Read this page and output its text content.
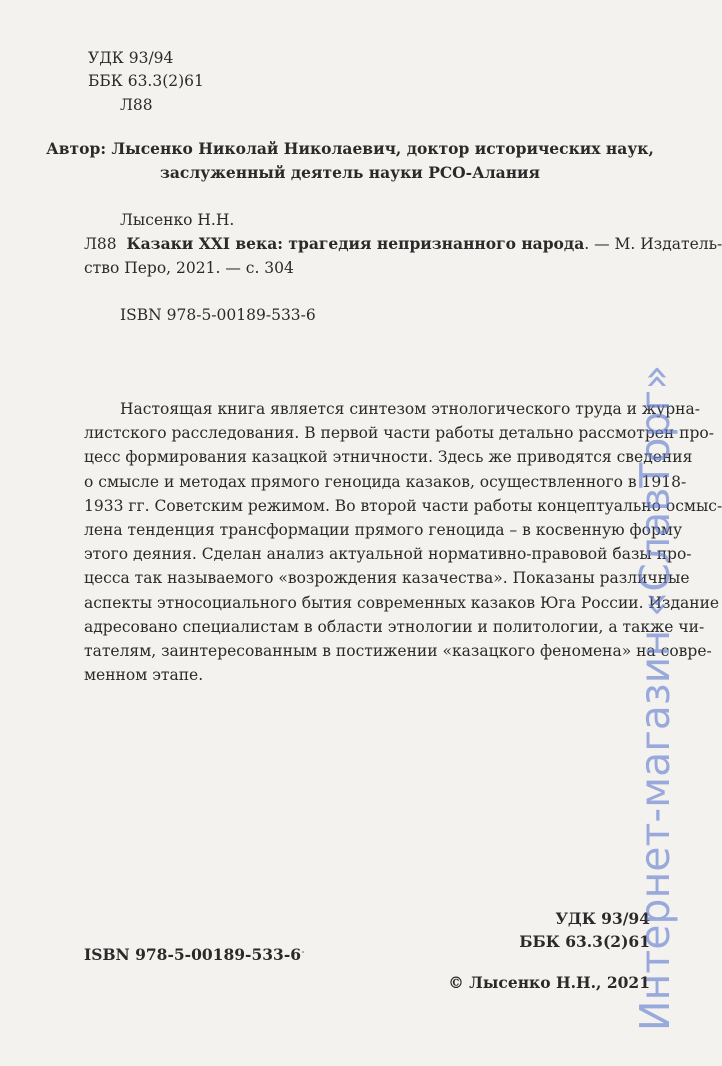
УДК 93/94
ББК 63.3(2)61
Л88
Автор: Лысенко Николай Николаевич, доктор исторических наук,
заслуженный деятель науки РСО-Алания
Лысенко Н.Н.
Л88 Казаки XXI века: трагедия непризнанного народа. — М. Издатель-
ство Перо, 2021. — с. 304
ISBN 978-5-00189-533-6
Настоящая книга является синтезом этнологического труда и журна-
листского расследования. В первой части работы детально рассмотрен про-
цесс формирования казацкой этничности. Здесь же приводятся сведения
о смысле и методах прямого геноцида казаков, осуществленного в 1918-
1933 гг. Советским режимом. Во второй части работы концептуально осмыс-
лена тенденция трансформации прямого геноцида – в косвенную форму
этого деяния. Сделан анализ актуальной нормативно-правовой базы про-
цесса так называемого «возрождения казачества». Показаны различные
аспекты этносоциального бытия современных казаков Юга России. Издание
адресовано специалистам в области этнологии и политологии, а также чи-
тателям, заинтересованным в постижении «казацкого феномена» на совре-
менном этапе.
УДК 93/94
ББК 63.3(2)61
ISBN 978-5-00189-533-6
© Лысенко Н.Н., 2021
Интернет-магазин «СлавТорг»
